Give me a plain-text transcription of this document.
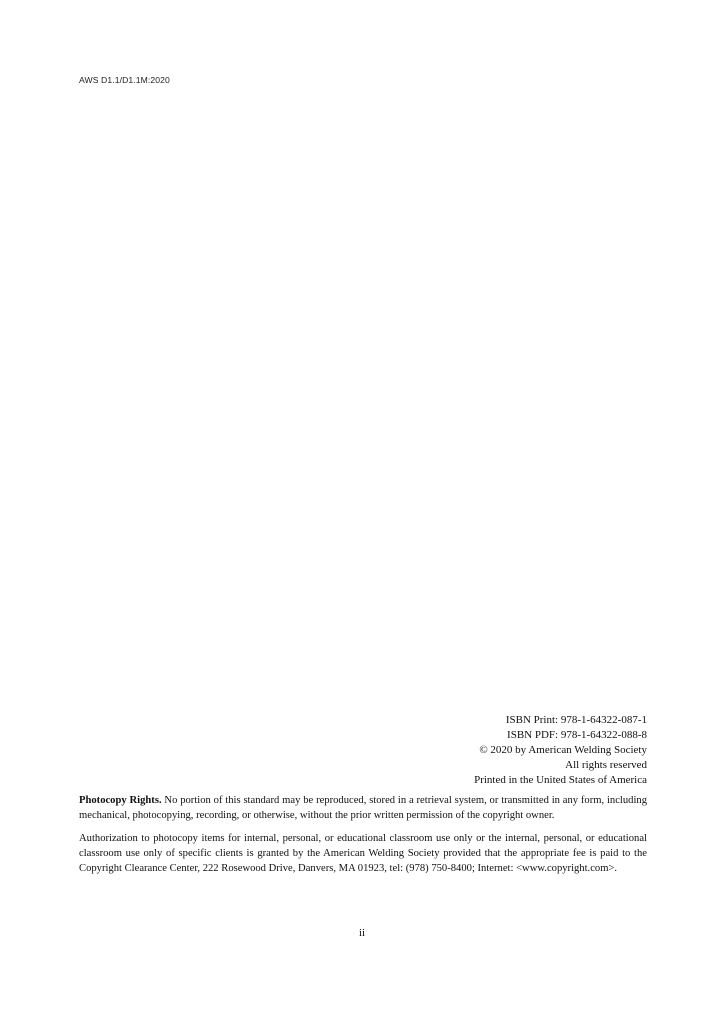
AWS D1.1/D1.1M:2020
ISBN Print: 978-1-64322-087-1
ISBN PDF: 978-1-64322-088-8
© 2020 by American Welding Society
All rights reserved
Printed in the United States of America

Photocopy Rights. No portion of this standard may be reproduced, stored in a retrieval system, or transmitted in any form, including mechanical, photocopying, recording, or otherwise, without the prior written permission of the copyright owner.

Authorization to photocopy items for internal, personal, or educational classroom use only or the internal, personal, or educational classroom use only of specific clients is granted by the American Welding Society provided that the appropriate fee is paid to the Copyright Clearance Center, 222 Rosewood Drive, Danvers, MA 01923, tel: (978) 750-8400; Internet: <www.copyright.com>.

ii
